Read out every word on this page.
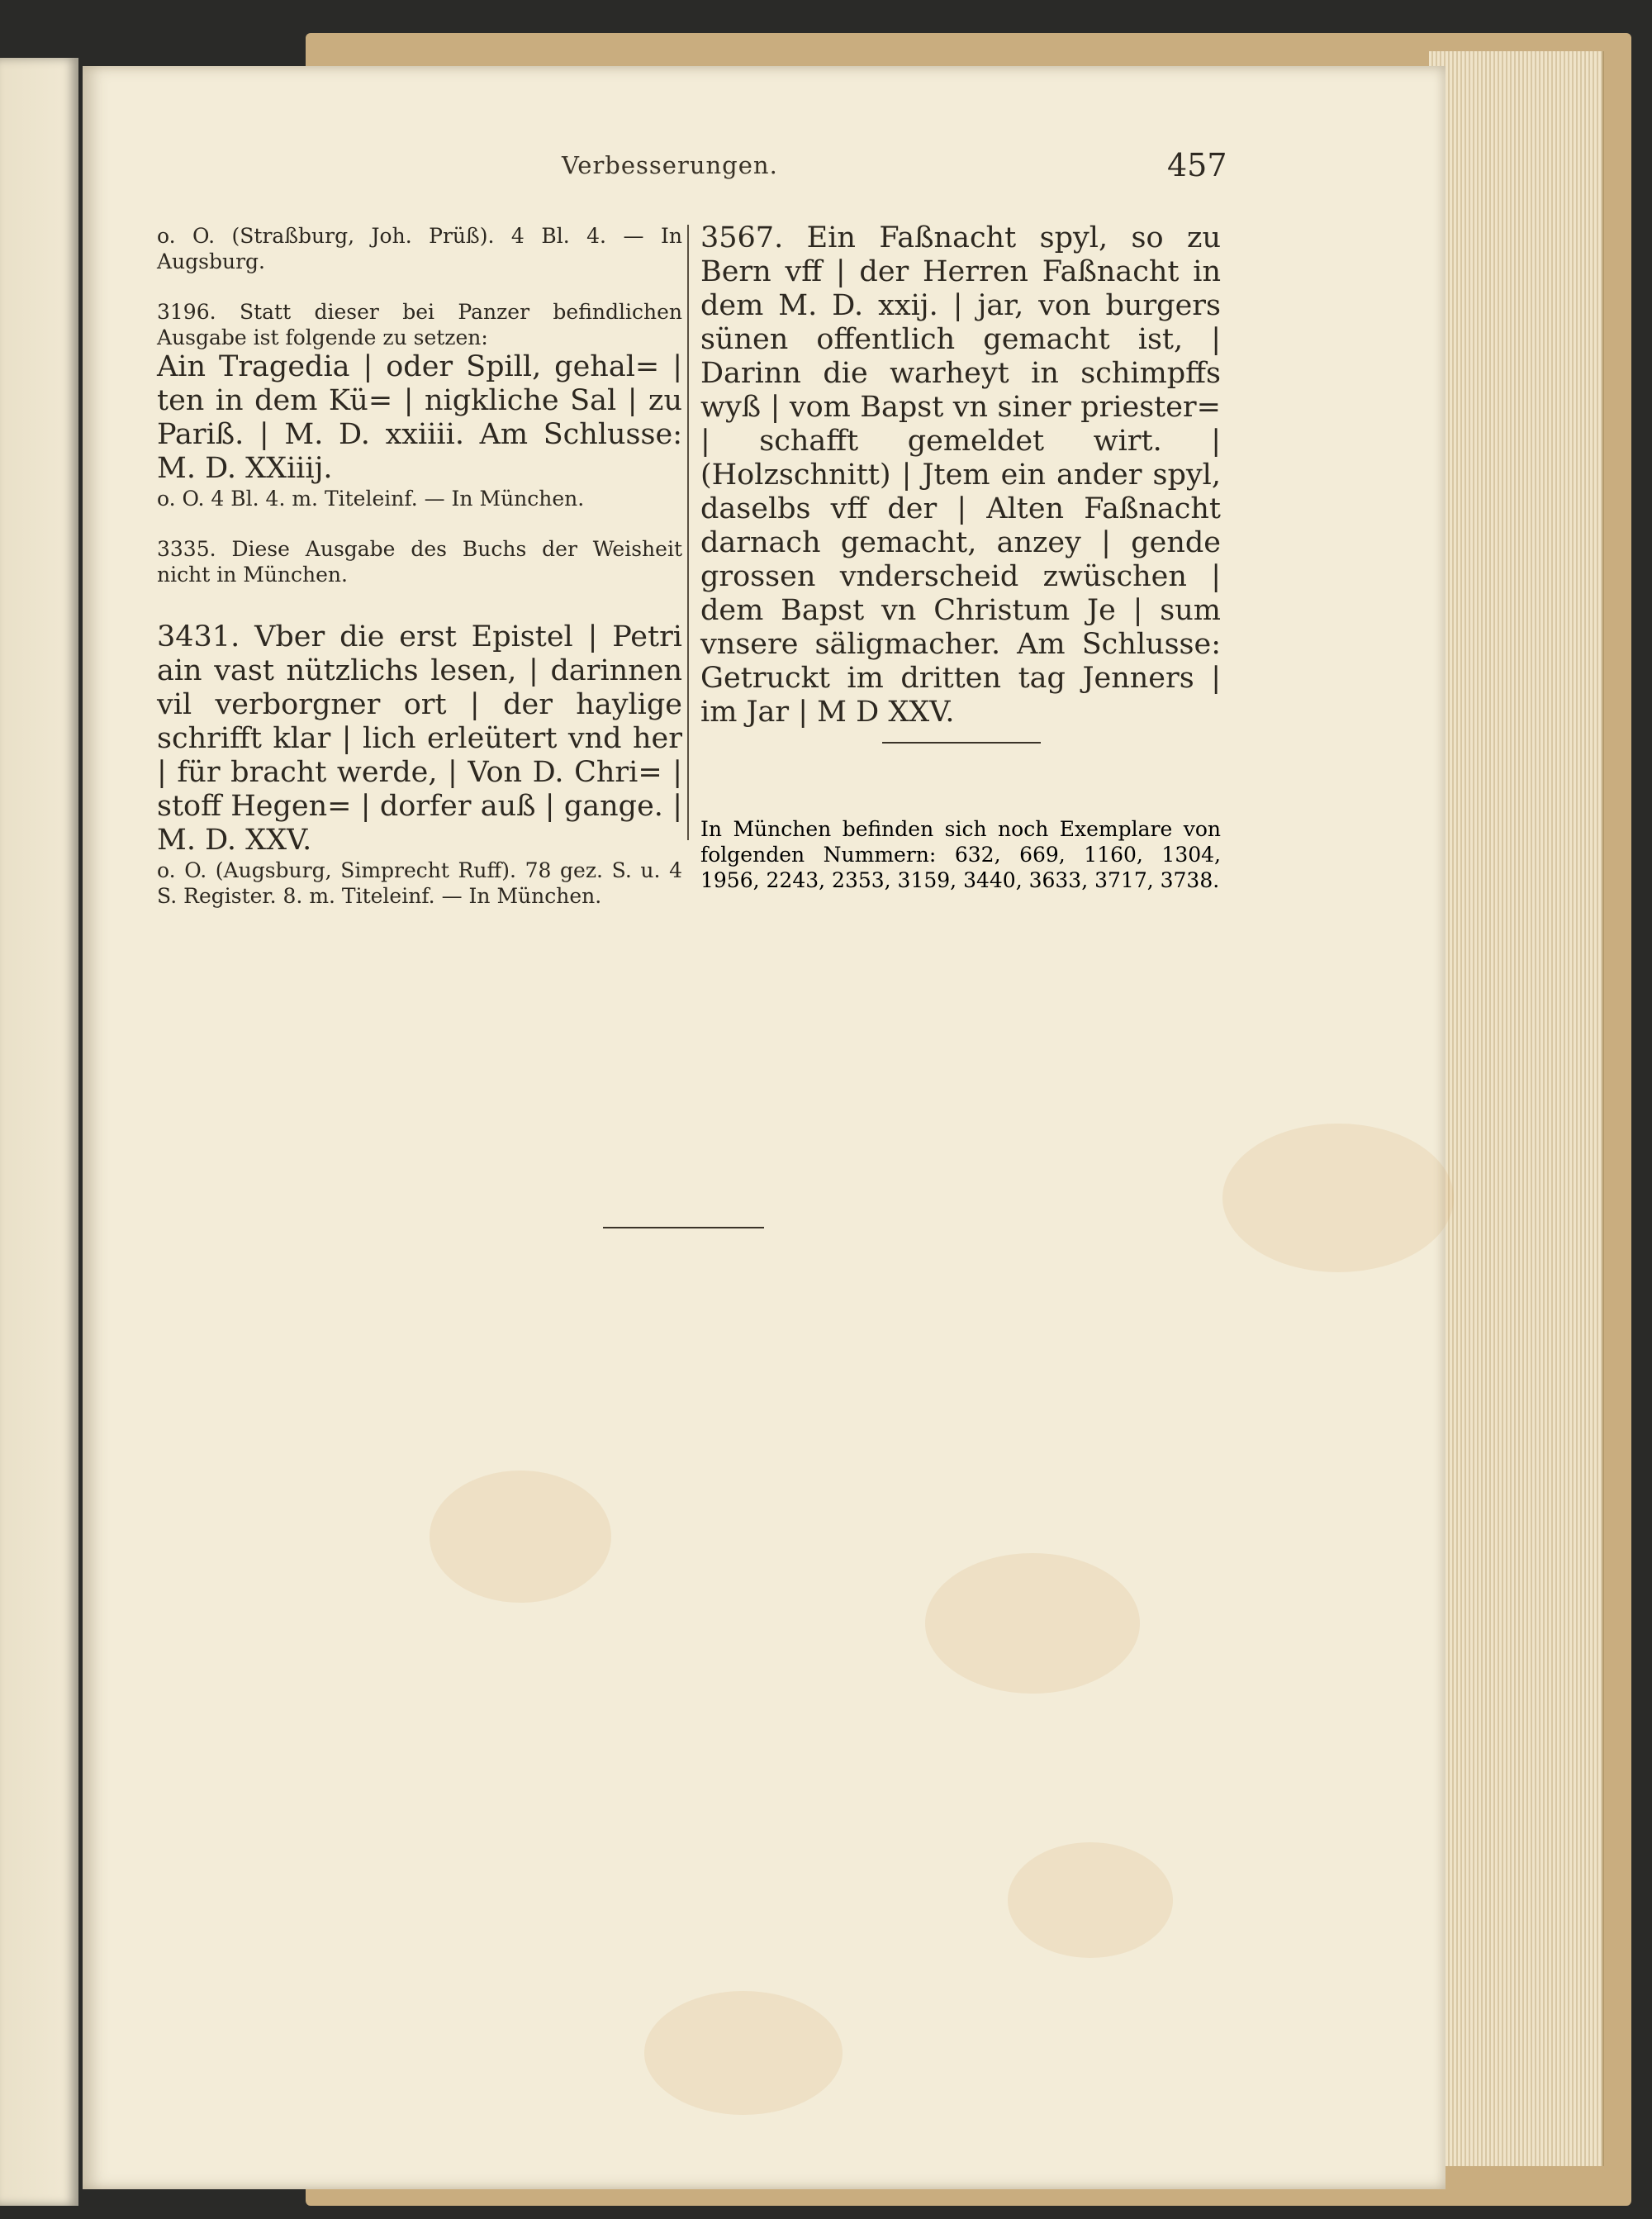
Verbesserungen.	457

o. O. (Straßburg, Joh. Prüß). 4 Bl. 4. — In Augsburg.

3196. Statt dieser bei Panzer befindlichen Ausgabe ist folgende zu setzen:

Ain Tragedia | oder Spill, gehal= | ten in dem Kü= | nigkliche Sal | zu Pariß. | M. D. xxiiii. Am Schlusse: M. D. XXiiij.

o. O. 4 Bl. 4. m. Titeleinf. — In München.

3335. Diese Ausgabe des Buchs der Weisheit nicht in München.

3431. Vber die erst Epistel | Petri ain vast nützlichs lesen, | darinnen vil verborgner ort | der haylige schrifft klar | lich erleütert vnd her | für bracht werde, | Von D. Chri= | stoff Hegen= | dorfer auß | gange. | M. D. XXV.

o. O. (Augsburg, Simprecht Ruff). 78 gez. S. u. 4 S. Register. 8. m. Titeleinf. — In München.

3567. Ein Faßnacht spyl, so zu Bern vff | der Herren Faßnacht in dem M. D. xxij. | jar, von burgers sünen offentlich gemacht ist, | Darinn die warheyt in schimpffs wyß | vom Bapst vn siner priester= | schafft gemeldet wirt. | (Holzschnitt) | Jtem ein ander spyl, daselbs vff der | Alten Faßnacht darnach gemacht, anzey | gende grossen vnderscheid zwüschen | dem Bapst vn Christum Je | sum vnsere säligmacher. Am Schlusse: Getruckt im dritten tag Jenners | im Jar | M D XXV.

In München befinden sich noch Exemplare von folgenden Nummern: 632, 669, 1160, 1304, 1956, 2243, 2353, 3159, 3440, 3633, 3717, 3738.
